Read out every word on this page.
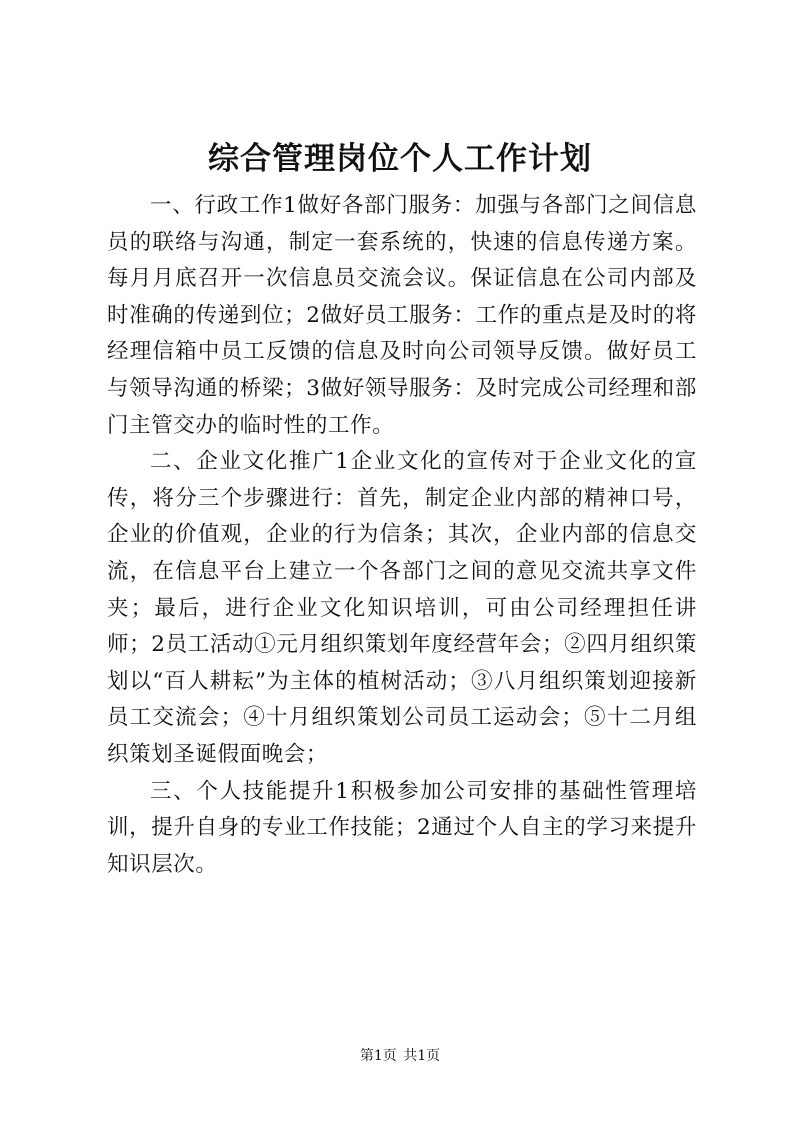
综合管理岗位个人工作计划

一、行政工作1做好各部门服务：加强与各部门之间信息员的联络与沟通，制定一套系统的，快速的信息传递方案。每月月底召开一次信息员交流会议。保证信息在公司内部及时准确的传递到位；2做好员工服务：工作的重点是及时的将经理信箱中员工反馈的信息及时向公司领导反馈。做好员工与领导沟通的桥梁；3做好领导服务：及时完成公司经理和部门主管交办的临时性的工作。

二、企业文化推广1企业文化的宣传对于企业文化的宣传，将分三个步骤进行：首先，制定企业内部的精神口号，企业的价值观，企业的行为信条；其次，企业内部的信息交流，在信息平台上建立一个各部门之间的意见交流共享文件夹；最后，进行企业文化知识培训，可由公司经理担任讲师；2员工活动①元月组织策划年度经营年会；②四月组织策划以“百人耕耘”为主体的植树活动；③八月组织策划迎接新员工交流会；④十月组织策划公司员工运动会；⑤十二月组织策划圣诞假面晚会；

三、个人技能提升1积极参加公司安排的基础性管理培训，提升自身的专业工作技能；2通过个人自主的学习来提升知识层次。

第1页 共1页
